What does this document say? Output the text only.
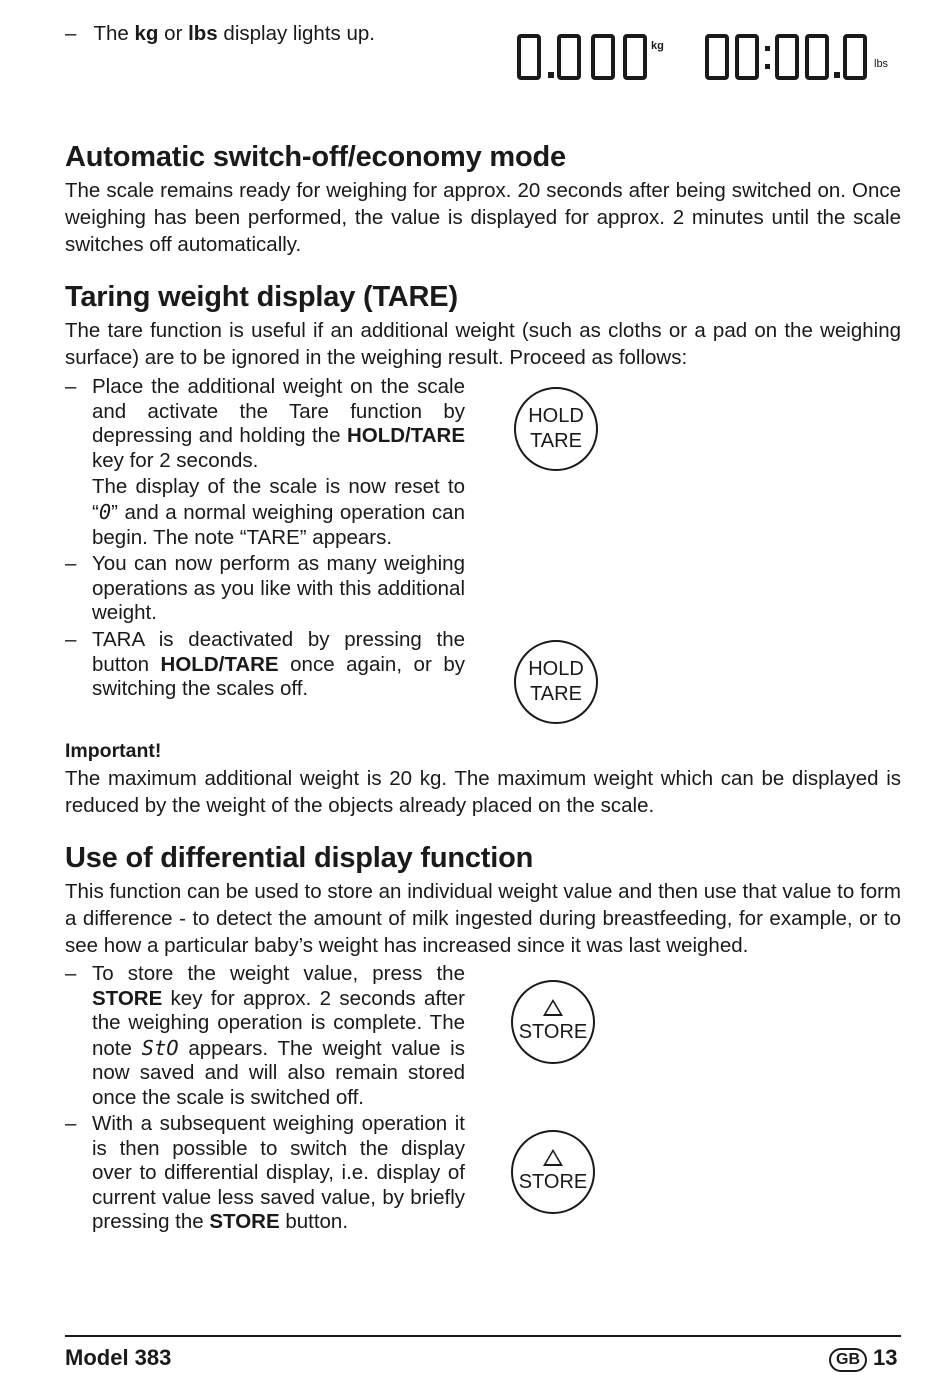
– The kg or lbs display lights up.
kg
lbs
Automatic switch-off/economy mode
The scale remains ready for weighing for approx. 20 seconds after being switched on. Once weighing has been performed, the value is displayed for approx. 2 minutes until the scale switches off automatically.
Taring weight display (TARE)
The tare function is useful if an additional weight (such as cloths or a pad on the weighing surface) are to be ignored in the weighing result. Proceed as follows:
– Place the additional weight on the scale and activate the Tare function by depressing and holding the HOLD/TARE key for 2 seconds.

The display of the scale is now reset to “0” and a normal weighing operation can begin. The note “TARE” appears.

– You can now perform as many weighing operations as you like with this additional weight.

– TARA is deactivated by pressing the button HOLD/TARE once again, or by switching the scales off.

HOLD
TARE
HOLD
TARE
Important!
The maximum additional weight is 20 kg. The maximum weight which can be displayed is reduced by the weight of the objects already placed on the scale.
Use of differential display function
This function can be used to store an individual weight value and then use that value to form a difference - to detect the amount of milk ingested during breastfeeding, for example, or to see how a particular baby’s weight has increased since it was last weighed.
– To store the weight value, press the STORE key for approx. 2 seconds after the weighing operation is complete. The note StO appears. The weight value is now saved and will also remain stored once the scale is switched off.

– With a subsequent weighing operation it is then possible to switch the display over to differential display, i.e. display of current value less saved value, by briefly pressing the STORE button.

STORE
STORE
Model 383	GB 13
